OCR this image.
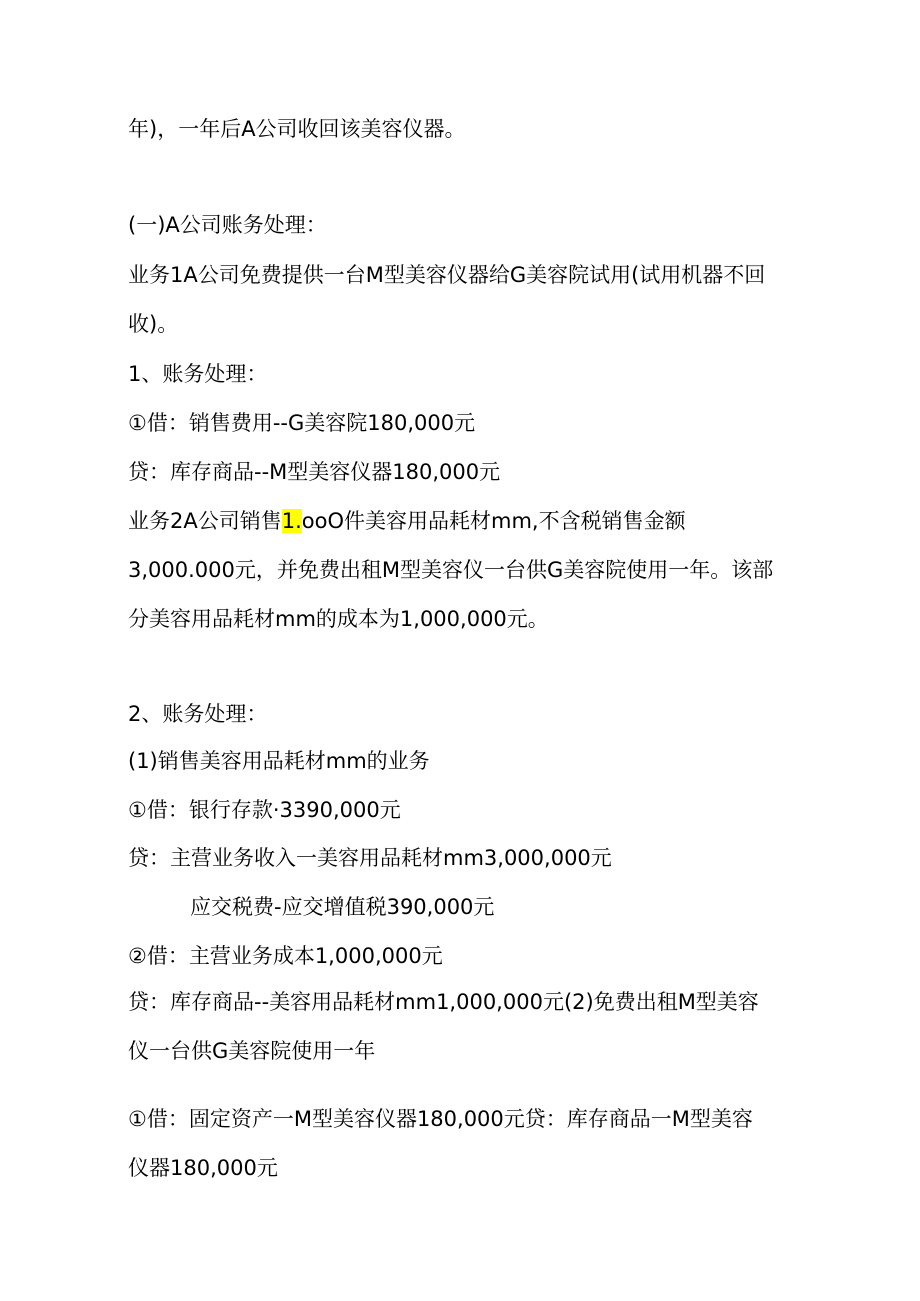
年)，一年后A公司收回该美容仪器。
(一)A公司账务处理：
业务1A公司免费提供一台M型美容仪器给G美容院试用(试用机器不回
收)。
1、账务处理：
①借：销售费用--G美容院180,000元
贷：库存商品--M型美容仪器180,000元
业务2A公司销售1.ooO件美容用品耗材mm,不含税销售金额
3,000.000元，并免费出租M型美容仪一台供G美容院使用一年。该部
分美容用品耗材mm的成本为1,000,000元。
2、账务处理：
(1)销售美容用品耗材mm的业务
①借：银行存款·3390,000元
贷：主营业务收入一美容用品耗材mm3,000,000元
应交税费-应交增值税390,000元
②借：主营业务成本1,000,000元
贷：库存商品--美容用品耗材mm1,000,000元(2)免费出租M型美容
仪一台供G美容院使用一年
①借：固定资产一M型美容仪器180,000元贷：库存商品一M型美容
仪器180,000元
